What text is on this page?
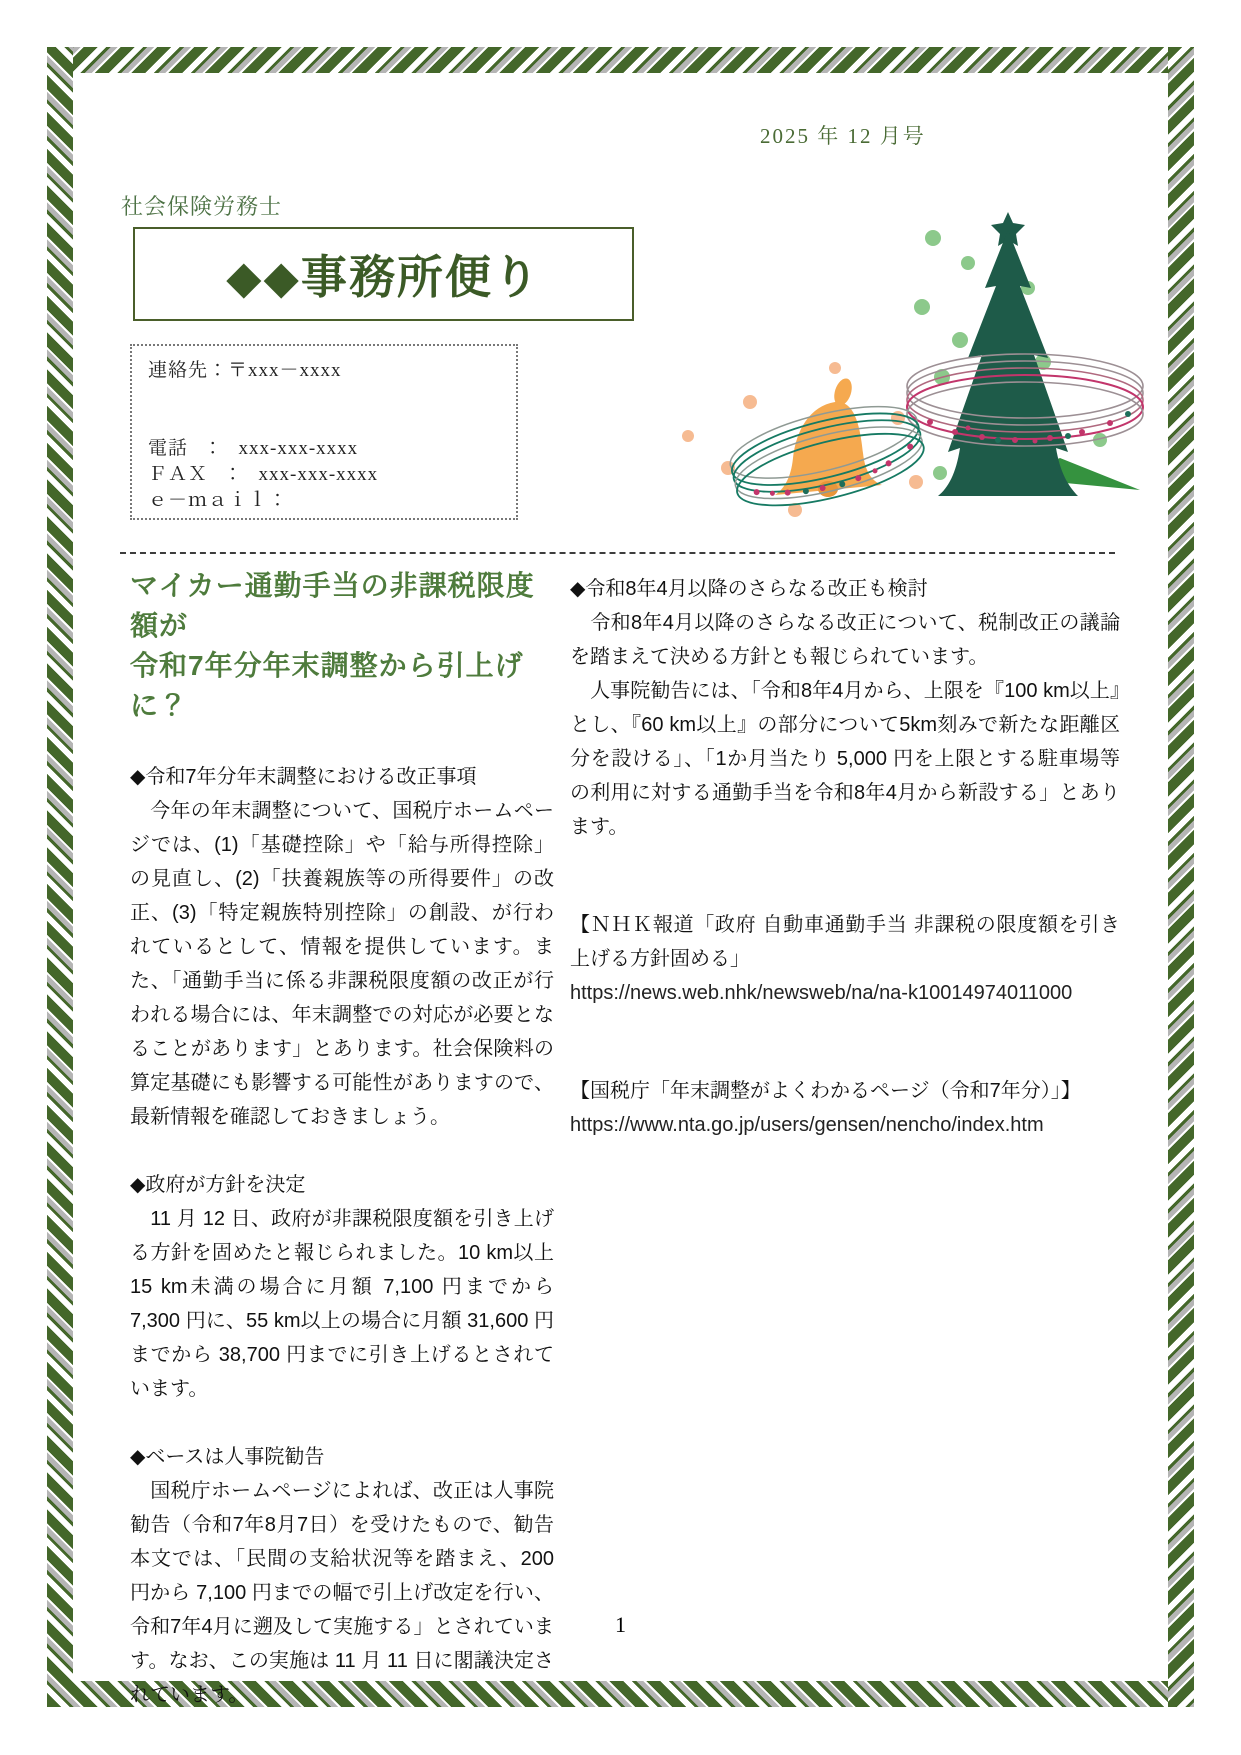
2025 年 12 月号
社会保険労務士
◆◆事務所便り

連絡先：〒xxx－xxxx

電話　：　xxx-xxx-xxxx

ＦＡＸ　：　xxx-xxx-xxxx

ｅ－ｍａｉｌ：

マイカー通勤手当の非課税限度額が
令和7年分年末調整から引上げに？
◆令和7年分年末調整における改正事項

　今年の年末調整について、国税庁ホームページでは、(1)「基礎控除」や「給与所得控除」の見直し、(2)「扶養親族等の所得要件」の改正、(3)「特定親族特別控除」の創設、が行われているとして、情報を提供しています。また、「通勤手当に係る非課税限度額の改正が行われる場合には、年末調整での対応が必要となることがあります」とあります。社会保険料の算定基礎にも影響する可能性がありますので、最新情報を確認しておきましょう。

◆政府が方針を決定

　11 月 12 日、政府が非課税限度額を引き上げる方針を固めたと報じられました。10 km以上15 km未満の場合に月額 7,100 円までから 7,300 円に、55 km以上の場合に月額 31,600 円までから 38,700 円までに引き上げるとされています。

◆ベースは人事院勧告

　国税庁ホームページによれば、改正は人事院勧告（令和7年8月7日）を受けたもので、勧告本文では、「民間の支給状況等を踏まえ、200 円から 7,100 円までの幅で引上げ改定を行い、令和7年4月に遡及して実施する」とされています。なお、この実施は 11 月 11 日に閣議決定されています。

◆令和8年4月以降のさらなる改正も検討

　令和8年4月以降のさらなる改正について、税制改正の議論を踏まえて決める方針とも報じられています。

　人事院勧告には、「令和8年4月から、上限を『100 km以上』とし、『60 km以上』の部分について5km刻みで新たな距離区分を設ける」、「1か月当たり 5,000 円を上限とする駐車場等の利用に対する通勤手当を令和8年4月から新設する」とあります。

【ＮＨＫ報道「政府 自動車通勤手当 非課税の限度額を引き上げる方針固める」

https://news.web.nhk/newsweb/na/na-k10014974011000

【国税庁「年末調整がよくわかるページ（令和7年分）」】

https://www.nta.go.jp/users/gensen/nencho/index.htm

1
